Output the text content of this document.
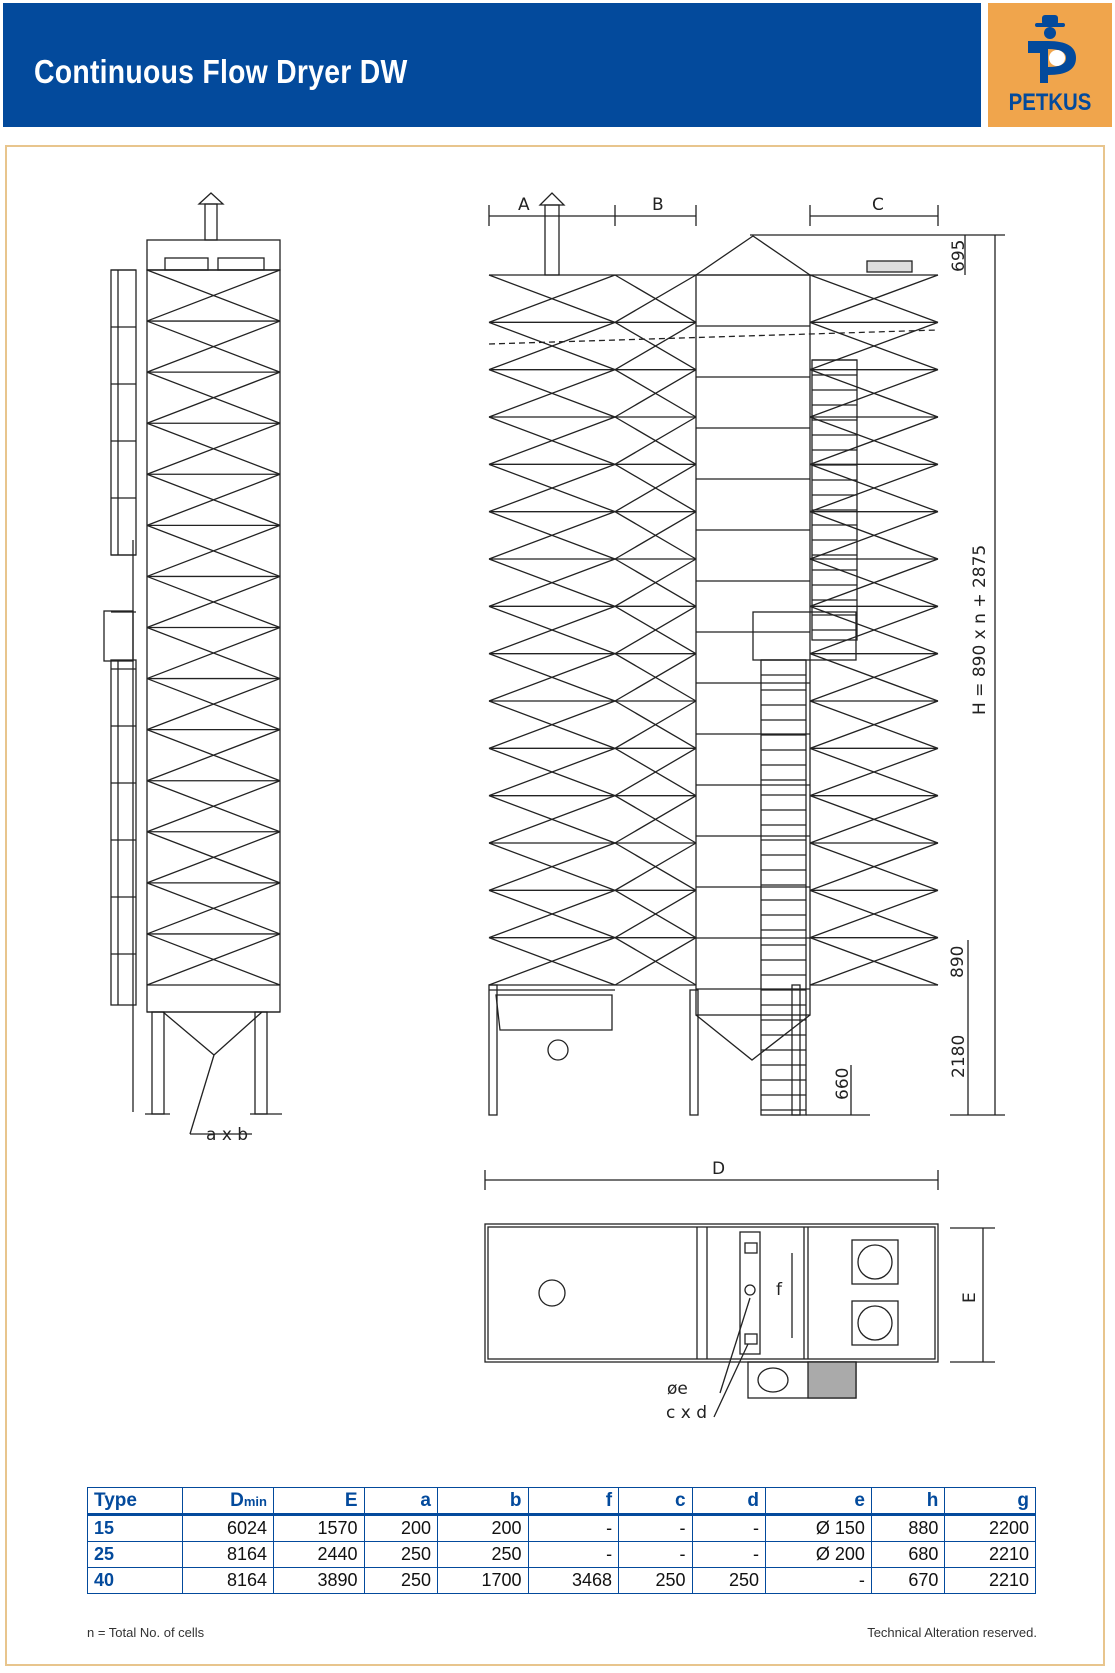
Continuous Flow Dryer DW
PETKUS
A	B	C
D
E
695
H = 890 x n + 2875
890
2180
660
a x b
f
øe
c x d
Type	Dmin	E	a	b	f	c	d	e	h	g
15	6024	1570	200	200	-	-	-	Ø 150	880	2200
25	8164	2440	250	250	-	-	-	Ø 200	680	2210
40	8164	3890	250	1700	3468	250	250	-	670	2210
n = Total No. of cells	Technical Alteration reserved.
